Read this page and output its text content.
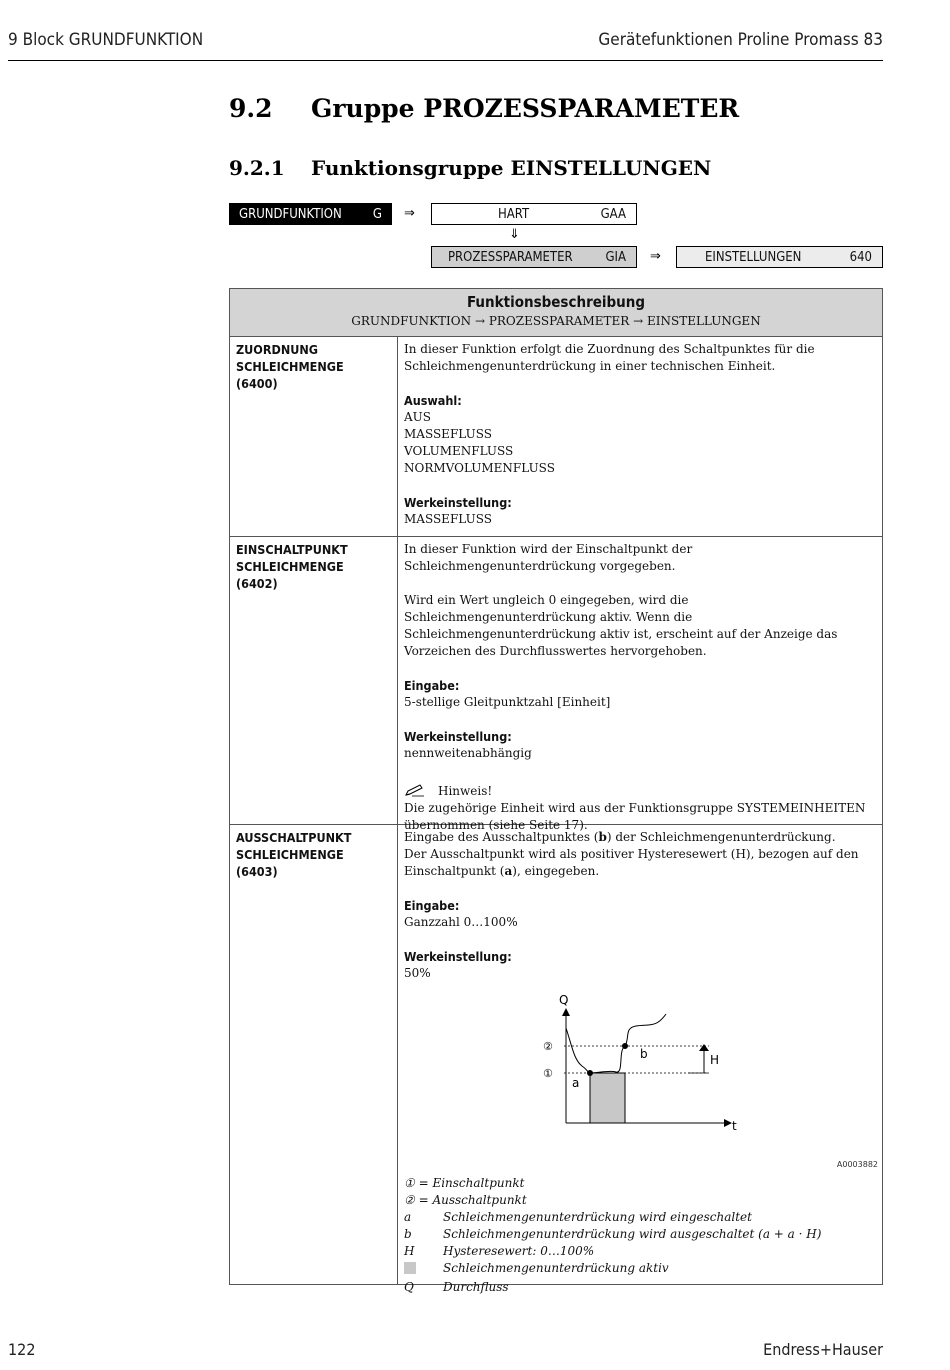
9 Block GRUNDFUNKTION	Gerätefunktionen Proline Promass 83
9.2 Gruppe PROZESSPARAMETER
9.2.1 Funktionsgruppe EINSTELLUNGEN
GRUNDFUNKTION G ⇒	HART	GAA
⇓
PROZESSPARAMETER	GIA ⇒	EINSTELLUNGEN	640
Funktionsbeschreibung
GRUNDFUNKTION → PROZESSPARAMETER → EINSTELLUNGEN
ZUORDNUNG
SCHLEICHMENGE
(6400)

In dieser Funktion erfolgt die Zuordnung des Schaltpunktes für die Schleichmengenunterdrückung in einer technischen Einheit.

Auswahl:

AUS

MASSEFLUSS

VOLUMENFLUSS

NORMVOLUMENFLUSS

Werkeinstellung:

MASSEFLUSS

EINSCHALTPUNKT
SCHLEICHMENGE
(6402)

In dieser Funktion wird der Einschaltpunkt der Schleichmengenunterdrückung vorgegeben.

Wird ein Wert ungleich 0 eingegeben, wird die Schleichmengenunterdrückung aktiv. Wenn die Schleichmengenunterdrückung aktiv ist, erscheint auf der Anzeige das Vorzeichen des Durchflusswertes hervorgehoben.

Eingabe:

5-stellige Gleitpunktzahl [Einheit]

Werkeinstellung:

nennweitenabhängig

Hinweis!

Die zugehörige Einheit wird aus der Funktionsgruppe SYSTEMEINHEITEN übernommen (siehe Seite 17).

AUSSCHALTPUNKT
SCHLEICHMENGE
(6403)

Eingabe des Ausschaltpunktes (b) der Schleichmengenunterdrückung.

Der Ausschaltpunkt wird als positiver Hysteresewert (H), bezogen auf den Einschaltpunkt (a), eingegeben.

Eingabe:

Ganzzahl 0…100%

Werkeinstellung:

50%

Q
t
a
b	H
②
①
A0003882
① = Einschaltpunkt
② = Ausschaltpunkt
a	Schleichmengenunterdrückung wird eingeschaltet
b	Schleichmengenunterdrückung wird ausgeschaltet (a + a · H)
H	Hysteresewert: 0…100%
Schleichmengenunterdrückung aktiv
Q	Durchfluss
122	Endress+Hauser
